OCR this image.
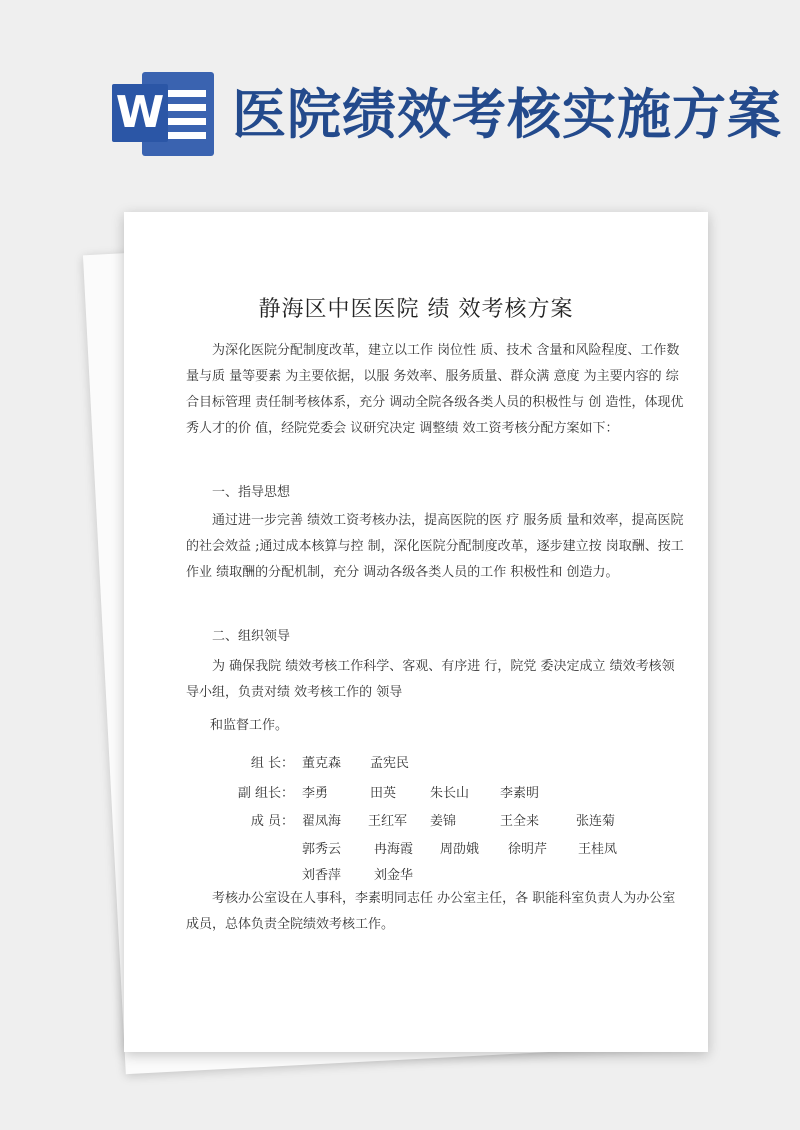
W 医院绩效考核实施方案
静海区中医医院 绩 效考核方案

为深化医院分配制度改革，建立以工作 岗位性 质、技术 含量和风险程度、工作数量与质 量等要素 为主要依据，以服 务效率、服务质量、群众满 意度 为主要内容的 综合目标管理 责任制考核体系，充分 调动全院各级各类人员的积极性与 创 造性，体现优秀人才的价 值，经院党委会 议研究决定 调整绩 效工资考核分配方案如下：

一、指导思想

通过进一步完善 绩效工资考核办法，提高医院的医 疗 服务质 量和效率，提高医院的社会效益 ;通过成本核算与控 制，深化医院分配制度改革，逐步建立按 岗取酬、按工作业 绩取酬的分配机制，充分 调动各级各类人员的工作 积极性和 创造力。

二、组织领导

为 确保我院 绩效考核工作科学、客观、有序进 行，院党 委决定成立 绩效考核领导小组，负责对绩 效考核工作的 领导

和监督工作。
组 长： 董克森 孟宪民
副 组长： 李勇	田英	朱长山 李素明
成 员： 翟凤海 王红军 姜锦	王全来	张连菊
郭秀云	冉海霞 周劭娥 徐明芹 王桂凤
刘香萍	刘金华

考核办公室设在人事科，李素明同志任 办公室主任，各 职能科室负责人为办公室成员，总体负责全院绩效考核工作。
